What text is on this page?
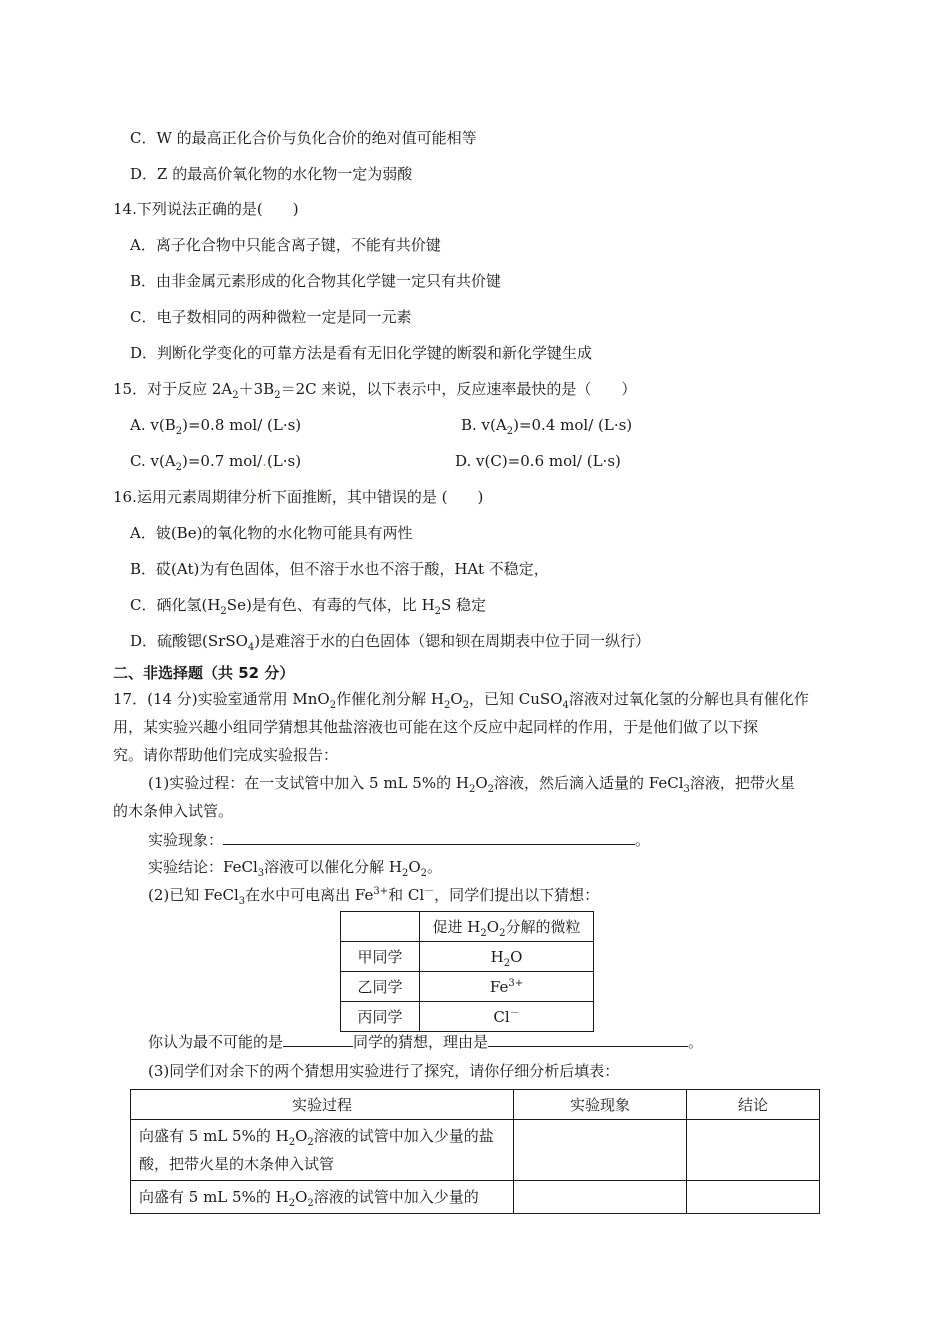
C．W 的最高正化合价与负化合价的绝对值可能相等
D．Z 的最高价氧化物的水化物一定为弱酸
14.下列说法正确的是(　　)
A．离子化合物中只能含离子键，不能有共价键
B．由非金属元素形成的化合物其化学键一定只有共价键
C．电子数相同的两种微粒一定是同一元素
D．判断化学变化的可靠方法是看有无旧化学键的断裂和新化学键生成
15．对于反应 $2A_2+3B_2=2C$ 来说，以下表示中，反应速率最快的是（　　）
A. $v(B_2)=0.8$ mol/ (L·s)	B. $v(A_2)=0.4$ mol/ (L·s)
C. $v(A_2)=0.7$ mol/.(L·s)	D. v(C)=0.6 mol/ (L·s)
16.运用元素周期律分析下面推断，其中错误的是 (　　)
A．铍(Be)的氧化物的水化物可能具有两性
B．砹(At)为有色固体，但不溶于水也不溶于酸，HAt 不稳定，
C．硒化氢$(H_2Se)$是有色、有毒的气体，比 $H_2S$ 稳定
D．硫酸锶(SrSO$_4$)是难溶于水的白色固体（锶和钡在周期表中位于同一纵行）
二、非选择题（共 52 分）
17．(14 分)实验室通常用 MnO$_2$作催化剂分解 $H_2O_2$，已知 CuSO$_4$溶液对过氧化氢的分解也具有催化作
用，某实验兴趣小组同学猜想其他盐溶液也可能在这个反应中起同样的作用，于是他们做了以下探
究。请你帮助他们完成实验报告：
(1)实验过程：在一支试管中加入 5 mL 5%的 $H_2O_2$溶液，然后滴入适量的 FeCl$_3$溶液，把带火星
的木条伸入试管。
实验现象：	。
实验结论：FeCl$_3$溶液可以催化分解 $H_2O_2$。
(2)已知 FeCl$_3$在水中可电离出 $Fe^{3+}$和 Cl－，同学们提出以下猜想：
	促进 $H_2O_2$分解的微粒
甲同学	$H_2O$
乙同学	$Fe^{3+}$
丙同学	Cl－
你认为最不可能的是	同学的猜想，理由是	。
(3)同学们对余下的两个猜想用实验进行了探究，请你仔细分析后填表：
实验过程	实验现象	结论
向盛有 5 mL 5%的 $H_2O_2$溶液的试管中加入少量的盐酸，把带火星的木条伸入试管		
向盛有 5 mL 5%的 $H_2O_2$溶液的试管中加入少量的		
